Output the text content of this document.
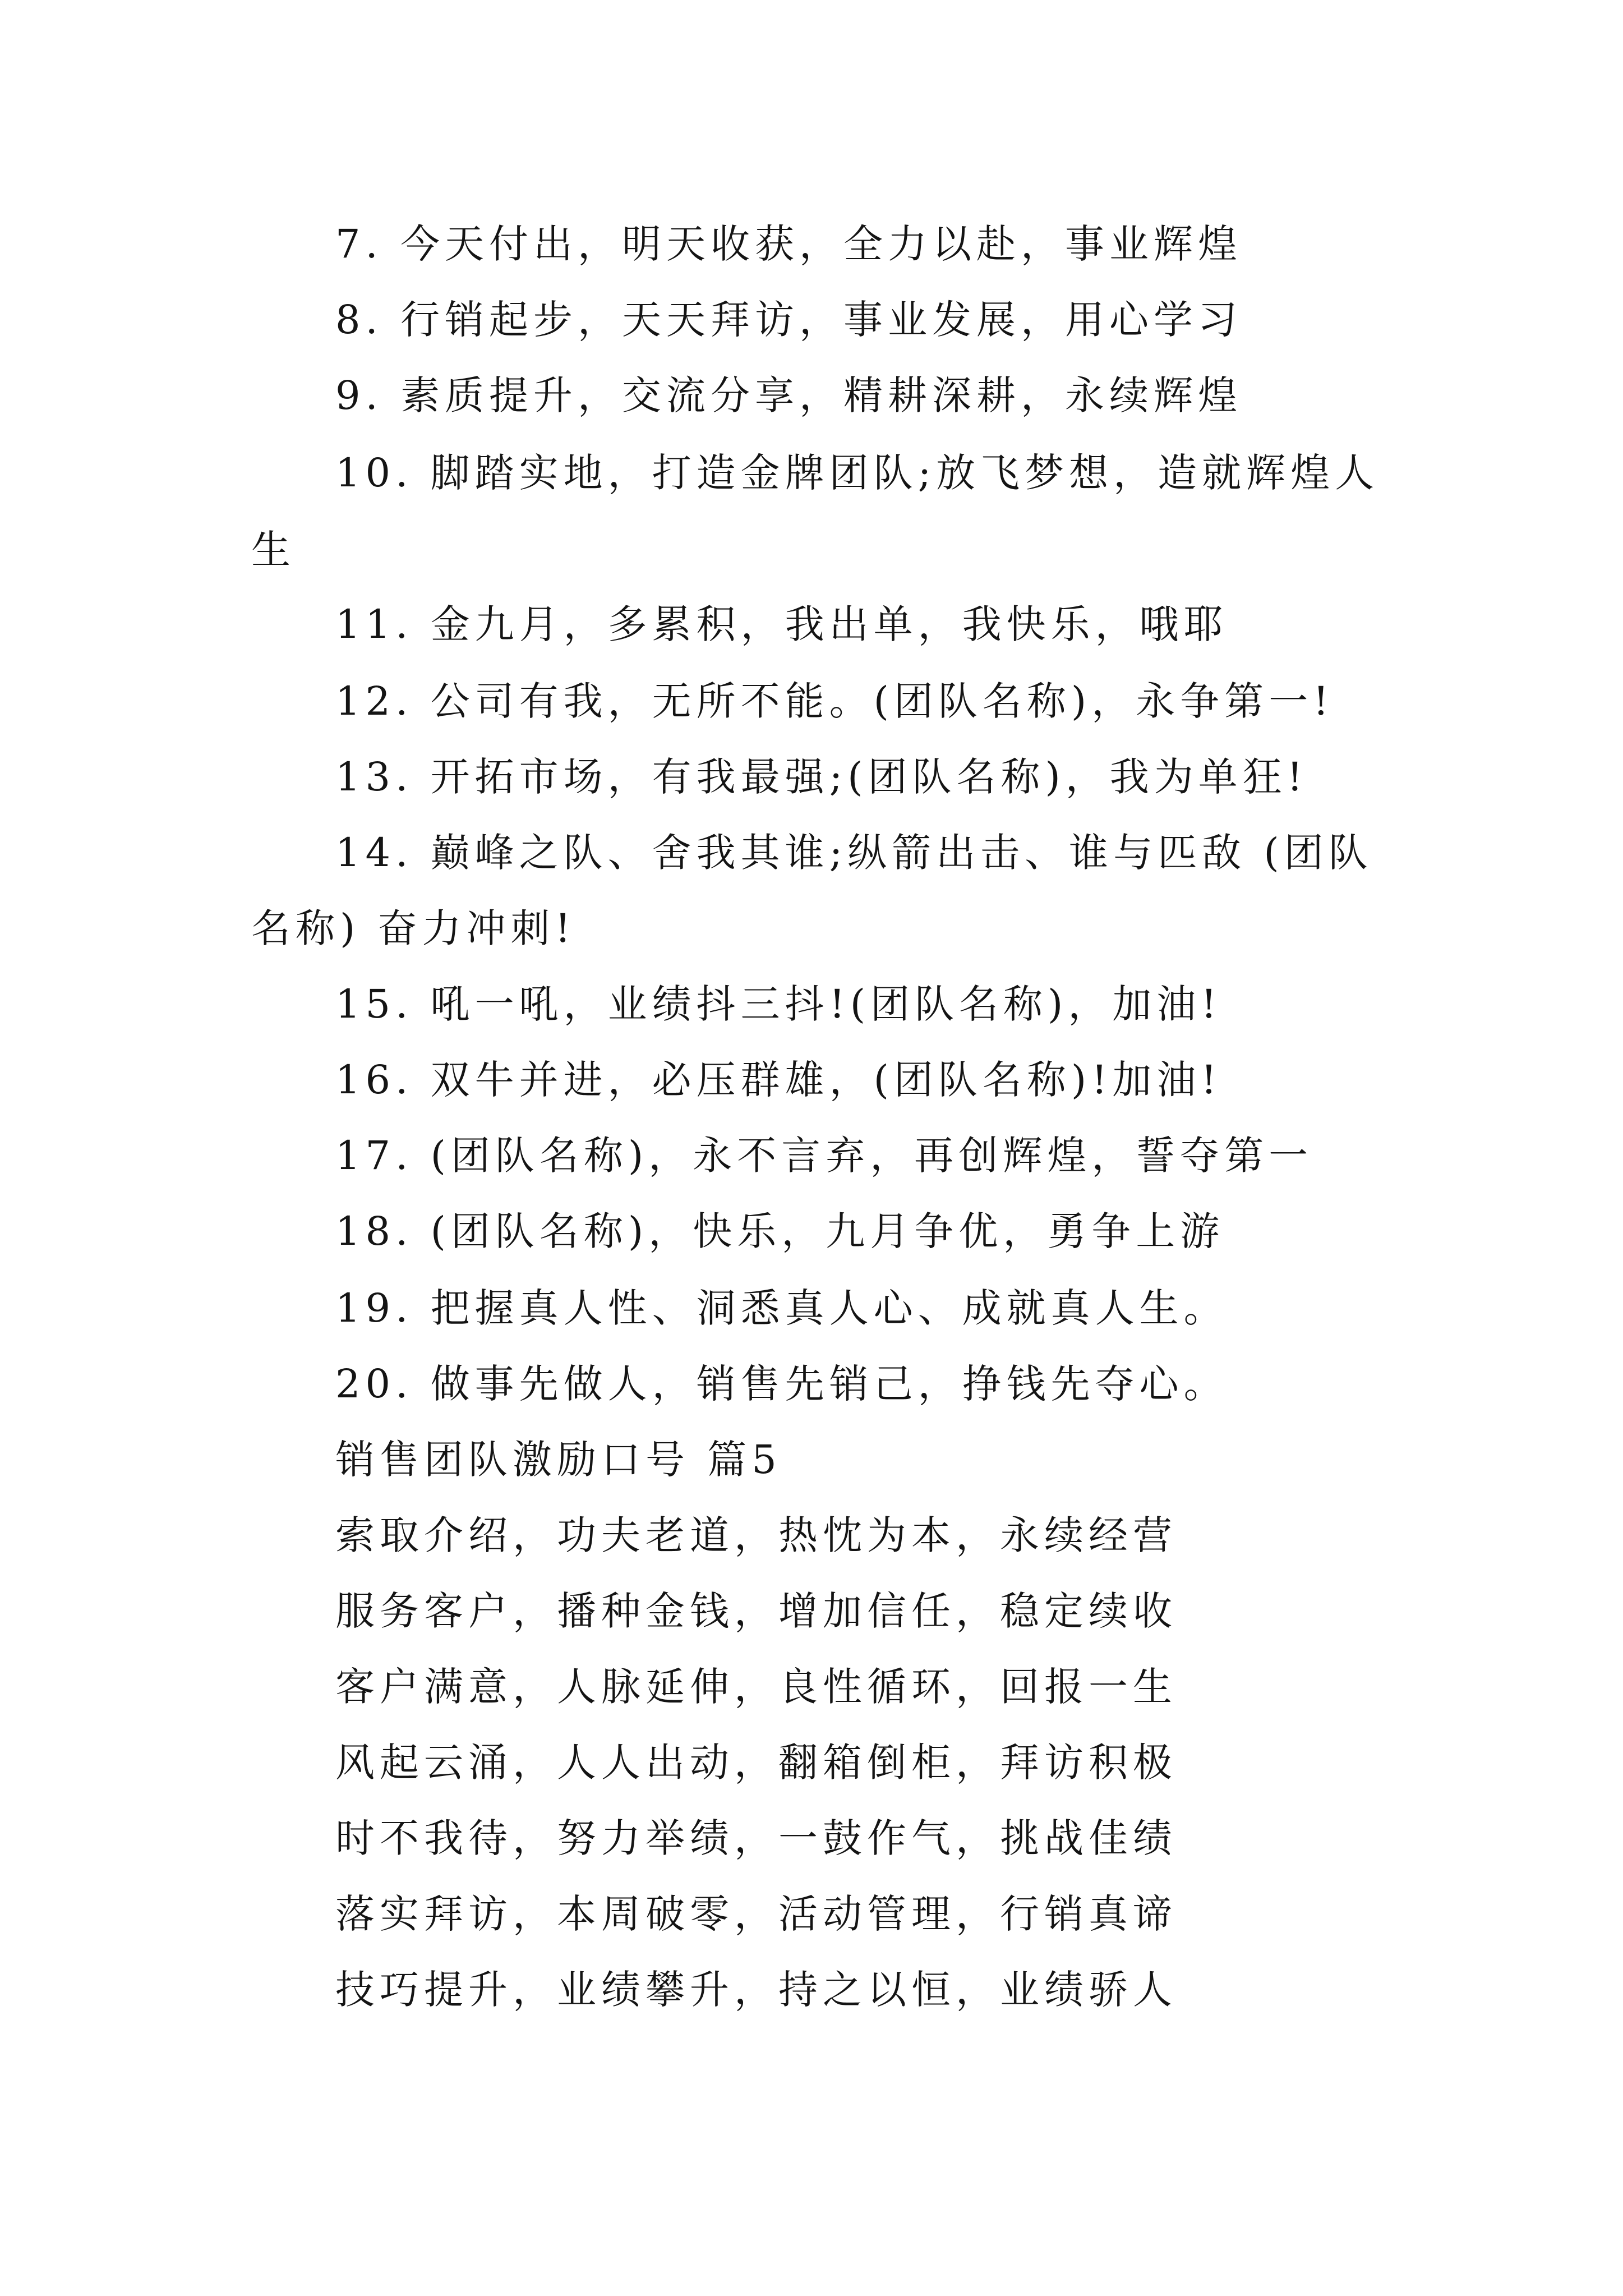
7. 今天付出，明天收获，全力以赴，事业辉煌
8. 行销起步，天天拜访，事业发展，用心学习
9. 素质提升，交流分享，精耕深耕，永续辉煌
10. 脚踏实地，打造金牌团队;放飞梦想，造就辉煌人
生
11. 金九月，多累积，我出单，我快乐，哦耶
12. 公司有我，无所不能。(团队名称)，永争第一!
13. 开拓市场，有我最强;(团队名称)，我为单狂!
14. 巅峰之队、舍我其谁;纵箭出击、谁与匹敌 (团队
名称) 奋力冲刺!
15. 吼一吼，业绩抖三抖!(团队名称)，加油!
16. 双牛并进，必压群雄，(团队名称)!加油!
17. (团队名称)，永不言弃，再创辉煌，誓夺第一
18. (团队名称)，快乐，九月争优，勇争上游
19. 把握真人性、洞悉真人心、成就真人生。
20. 做事先做人，销售先销己，挣钱先夺心。
销售团队激励口号 篇5
索取介绍，功夫老道，热忱为本，永续经营
服务客户，播种金钱，增加信任，稳定续收
客户满意，人脉延伸，良性循环，回报一生
风起云涌，人人出动，翻箱倒柜，拜访积极
时不我待，努力举绩，一鼓作气，挑战佳绩
落实拜访，本周破零，活动管理，行销真谛
技巧提升，业绩攀升，持之以恒，业绩骄人
